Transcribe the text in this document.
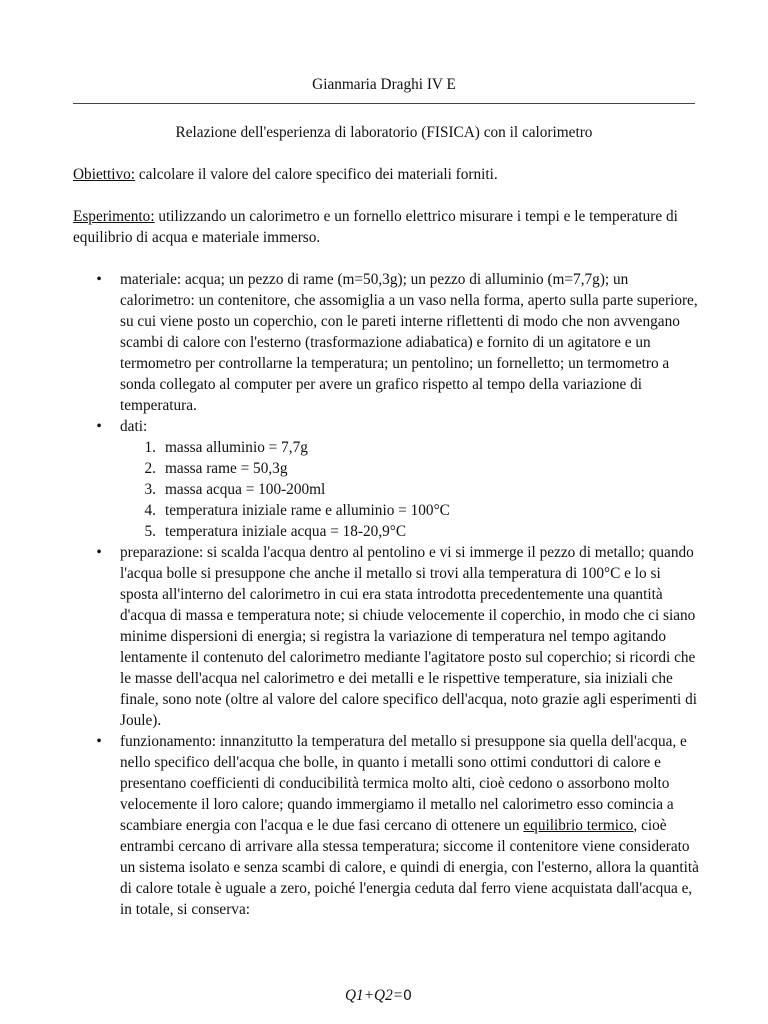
Gianmaria Draghi IV E
Relazione dell'esperienza di laboratorio (FISICA) con il calorimetro
Obiettivo: calcolare il valore del calore specifico dei materiali forniti.
Esperimento: utilizzando un calorimetro e un fornello elettrico misurare i tempi e le temperature di equilibrio di acqua e materiale immerso.
• materiale: acqua; un pezzo di rame (m=50,3g); un pezzo di alluminio (m=7,7g); un calorimetro: un contenitore, che assomiglia a un vaso nella forma, aperto sulla parte superiore, su cui viene posto un coperchio, con le pareti interne riflettenti di modo che non avvengano scambi di calore con l'esterno (trasformazione adiabatica) e fornito di un agitatore e un termometro per controllarne la temperatura; un pentolino; un fornelletto; un termometro a sonda collegato al computer per avere un grafico rispetto al tempo della variazione di temperatura.
• dati:
1. massa alluminio = 7,7g
2. massa rame = 50,3g
3. massa acqua = 100-200ml
4. temperatura iniziale rame e alluminio = 100°C
5. temperatura iniziale acqua = 18-20,9°C
• preparazione: si scalda l'acqua dentro al pentolino e vi si immerge il pezzo di metallo; quando l'acqua bolle si presuppone che anche il metallo si trovi alla temperatura di 100°C e lo si sposta all'interno del calorimetro in cui era stata introdotta precedentemente una quantità d'acqua di massa e temperatura note; si chiude velocemente il coperchio, in modo che ci siano minime dispersioni di energia; si registra la variazione di temperatura nel tempo agitando lentamente il contenuto del calorimetro mediante l'agitatore posto sul coperchio; si ricordi che le masse dell'acqua nel calorimetro e dei metalli e le rispettive temperature, sia iniziali che finale, sono note (oltre al valore del calore specifico dell'acqua, noto grazie agli esperimenti di Joule).
• funzionamento: innanzitutto la temperatura del metallo si presuppone sia quella dell'acqua, e nello specifico dell'acqua che bolle, in quanto i metalli sono ottimi conduttori di calore e presentano coefficienti di conducibilità termica molto alti, cioè cedono o assorbono molto velocemente il loro calore; quando immergiamo il metallo nel calorimetro esso comincia a scambiare energia con l'acqua e le due fasi cercano di ottenere un equilibrio termico, cioè entrambi cercano di arrivare alla stessa temperatura; siccome il contenitore viene considerato un sistema isolato e senza scambi di calore, e quindi di energia, con l'esterno, allora la quantità di calore totale è uguale a zero, poiché l'energia ceduta dal ferro viene acquistata dall'acqua e, in totale, si conserva:
Q1+Q2=0
